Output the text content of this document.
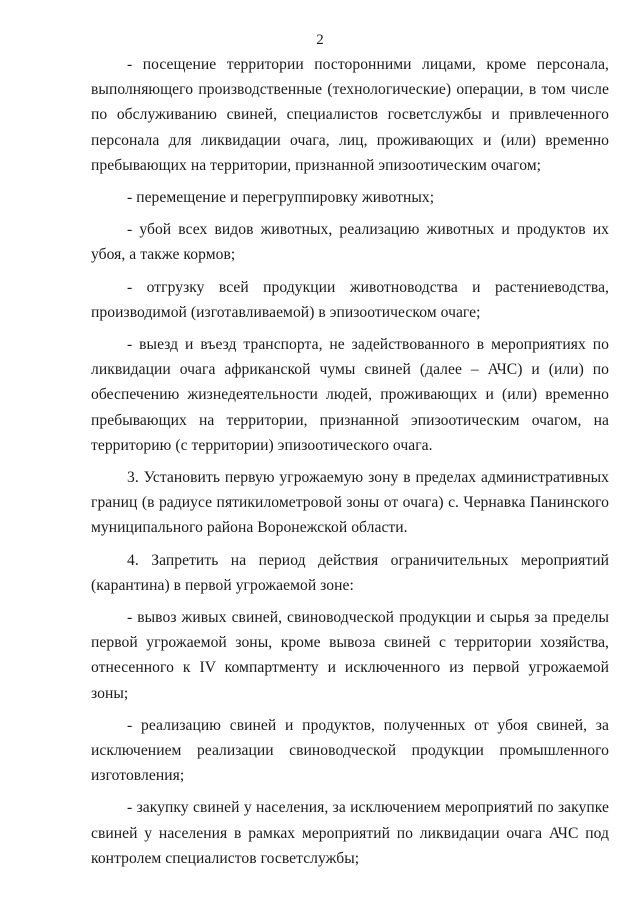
2

- посещение территории посторонними лицами, кроме персонала, выполняющего производственные (технологические) операции, в том числе по обслуживанию свиней, специалистов госветслужбы и привлеченного персонала для ликвидации очага, лиц, проживающих и (или) временно пребывающих на территории, признанной эпизоотическим очагом;

- перемещение и перегруппировку животных;

- убой всех видов животных, реализацию животных и продуктов их убоя, а также кормов;

- отгрузку всей продукции животноводства и растениеводства, производимой (изготавливаемой) в эпизоотическом очаге;

- выезд и въезд транспорта, не задействованного в мероприятиях по ликвидации очага африканской чумы свиней (далее – АЧС) и (или) по обеспечению жизнедеятельности людей, проживающих и (или) временно пребывающих на территории, признанной эпизоотическим очагом, на территорию (с территории) эпизоотического очага.

3. Установить первую угрожаемую зону в пределах административных границ (в радиусе пятикилометровой зоны от очага) с. Чернавка Панинского муниципального района Воронежской области.

4. Запретить на период действия ограничительных мероприятий (карантина) в первой угрожаемой зоне:

- вывоз живых свиней, свиноводческой продукции и сырья за пределы первой угрожаемой зоны, кроме вывоза свиней с территории хозяйства, отнесенного к IV компартменту и исключенного из первой угрожаемой зоны;

- реализацию свиней и продуктов, полученных от убоя свиней, за исключением реализации свиноводческой продукции промышленного изготовления;

- закупку свиней у населения, за исключением мероприятий по закупке свиней у населения в рамках мероприятий по ликвидации очага АЧС под контролем специалистов госветслужбы;
